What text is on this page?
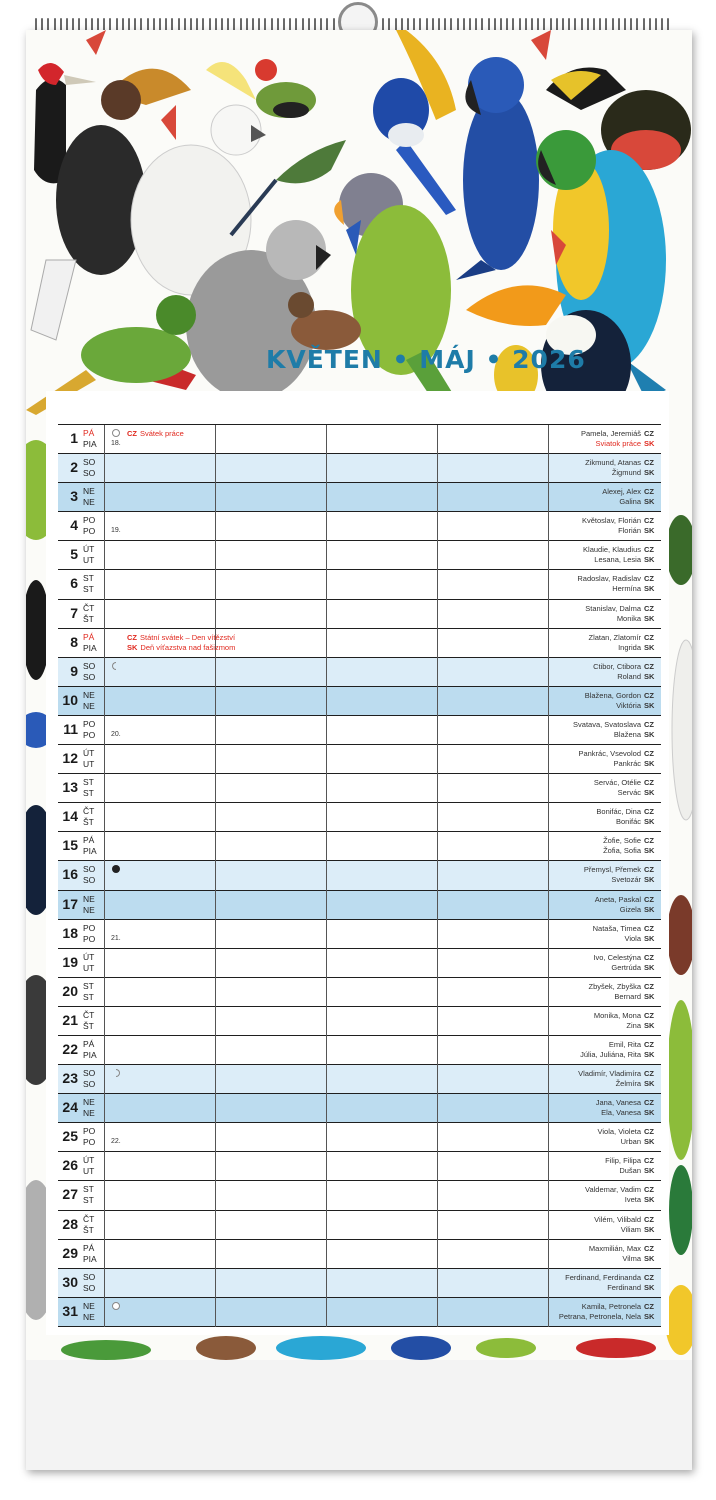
KVĚTEN • MÁJ • 2026
1 PÁ
PIA 18.
CZ Svátek práce	Pamela, Jeremiáš CZ
Sviatok práce SK
2 SO
SO
Zikmund, Atanas CZ
Žigmund SK
3 NE
NE
Alexej, Alex CZ
Galina SK
4 PO
PO 19.
Květoslav, Florián CZ
Florián SK
5 ÚT
UT
Klaudie, Klaudius CZ
Lesana, Lesia SK
6 ST
ST
Radoslav, Radislav CZ
Hermína SK
7 ČT
ŠT
Stanislav, Dalma CZ
Monika SK
8 PÁ
PIA
CZ Státní svátek – Den vítězství
SK Deň víťazstva nad fašizmom
Zlatan, Zlatomír CZ
Ingrida SK
9 SO
SO
Ctibor, Ctibora CZ
Roland SK
10 NE
NE
Blažena, Gordon CZ
Viktória SK
11 PO
PO 20.
Svatava, Svatoslava CZ
Blažena SK
12 ÚT
UT
Pankrác, Vsevolod CZ
Pankrác SK
13 ST
ST
Servác, Otélie CZ
Servác SK
14 ČT
ŠT
Bonifác, Dina CZ
Bonifác SK
15 PÁ
PIA
Žofie, Sofie CZ
Žofia, Sofia SK
16 SO
SO
Přemysl, Přemek CZ
Svetozár SK
17 NE
NE
Aneta, Paskal CZ
Gizela SK
18 PO
PO 21.
Nataša, Timea CZ
Viola SK
19 ÚT
UT
Ivo, Celestýna CZ
Gertrúda SK
20 ST
ST
Zbyšek, Zbyška CZ
Bernard SK
21 ČT
ŠT
Monika, Mona CZ
Zina SK
22 PÁ
PIA
Emil, Rita CZ
Júlia, Juliána, Rita SK
23 SO
SO
Vladimír, Vladimíra CZ
Želmíra SK
24 NE
NE
Jana, Vanesa CZ
Ela, Vanesa SK
25 PO
PO 22.
Viola, Violeta CZ
Urban SK
26 ÚT
UT
Filip, Filipa CZ
Dušan SK
27 ST
ST
Valdemar, Vadim CZ
Iveta SK
28 ČT
ŠT
Vilém, Vilibald CZ
Viliam SK
29 PÁ
PIA
Maxmilián, Max CZ
Vilma SK
30 SO
SO
Ferdinand, Ferdinanda CZ
Ferdinand SK
31 NE
NE
Kamila, Petronela CZ
Petrana, Petronela, Nela SK
